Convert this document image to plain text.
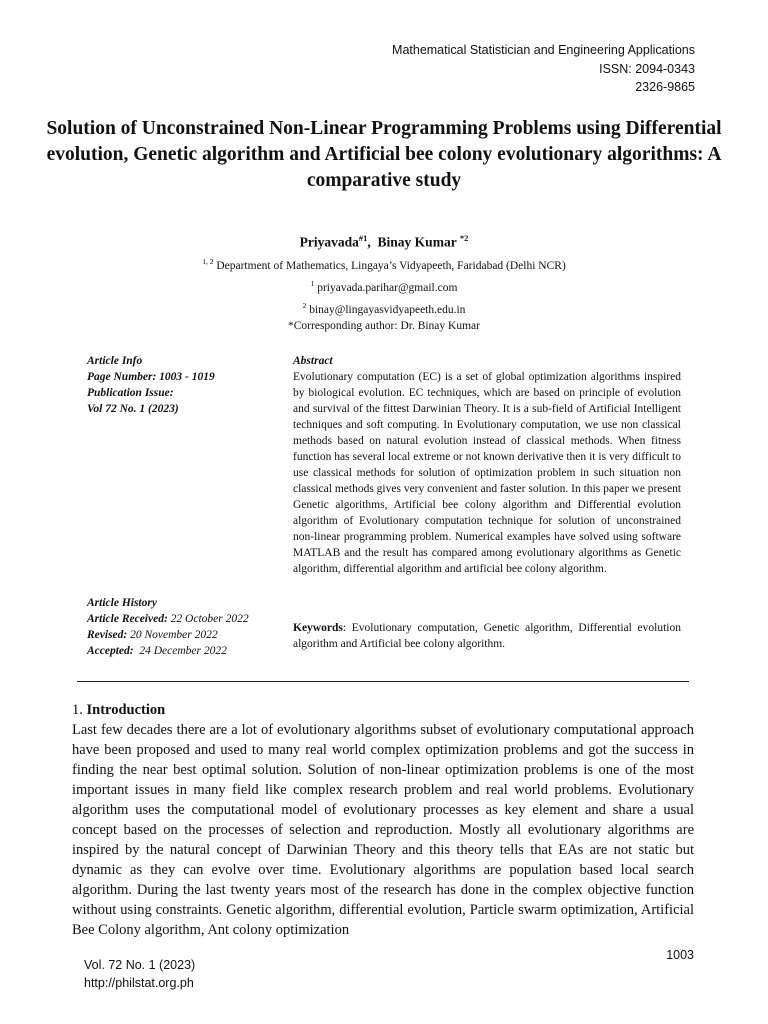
Mathematical Statistician and Engineering Applications
ISSN: 2094-0343
2326-9865
Solution of Unconstrained Non-Linear Programming Problems using Differential evolution, Genetic algorithm and Artificial bee colony evolutionary algorithms: A comparative study
Priyavada$^{\#1}$,  Binay Kumar $^{*2}$
$^{1, 2}$ Department of Mathematics, Lingaya’s Vidyapeeth, Faridabad (Delhi NCR)
$^1$ priyavada.parihar@gmail.com
$^2$ binay@lingayasvidyapeeth.edu.in
*Corresponding author: Dr. Binay Kumar
Article Info
Page Number: 1003 - 1019
Publication Issue:
Vol 72 No. 1 (2023)
Article History
Article Received: 22 October 2022
Revised: 20 November 2022
Accepted:  24 December 2022
Abstract
Evolutionary computation (EC) is a set of global optimization algorithms inspired by biological evolution. EC techniques, which are based on principle of evolution and survival of the fittest Darwinian Theory. It is a sub-field of Artificial Intelligent techniques and soft computing. In Evolutionary computation, we use non classical methods based on natural evolution instead of classical methods. When fitness function has several local extreme or not known derivative then it is very difficult to use classical methods for solution of optimization problem in such situation non classical methods gives very convenient and faster solution. In this paper we present Genetic algorithms, Artificial bee colony algorithm and Differential evolution algorithm of Evolutionary computation technique for solution of unconstrained non-linear programming problem. Numerical examples have solved using software MATLAB and the result has compared among evolutionary algorithms as Genetic algorithm, differential algorithm and artificial bee colony algorithm.
Keywords: Evolutionary computation, Genetic algorithm, Differential evolution algorithm and Artificial bee colony algorithm.
1. Introduction
Last few decades there are a lot of evolutionary algorithms subset of evolutionary computational approach have been proposed and used to many real world complex optimization problems and got the success in finding the near best optimal solution. Solution of non-linear optimization problems is one of the most important issues in many field like complex research problem and real world problems. Evolutionary algorithm uses the computational model of evolutionary processes as key element and share a usual concept based on the processes of selection and reproduction. Mostly all evolutionary algorithms are inspired by the natural concept of Darwinian Theory and this theory tells that EAs are not static but dynamic as they can evolve over time. Evolutionary algorithms are population based local search algorithm. During the last twenty years most of the research has done in the complex objective function without using constraints. Genetic algorithm, differential evolution, Particle swarm optimization, Artificial Bee Colony algorithm, Ant colony optimization
Vol. 72 No. 1 (2023)
http://philstat.org.ph
1003
